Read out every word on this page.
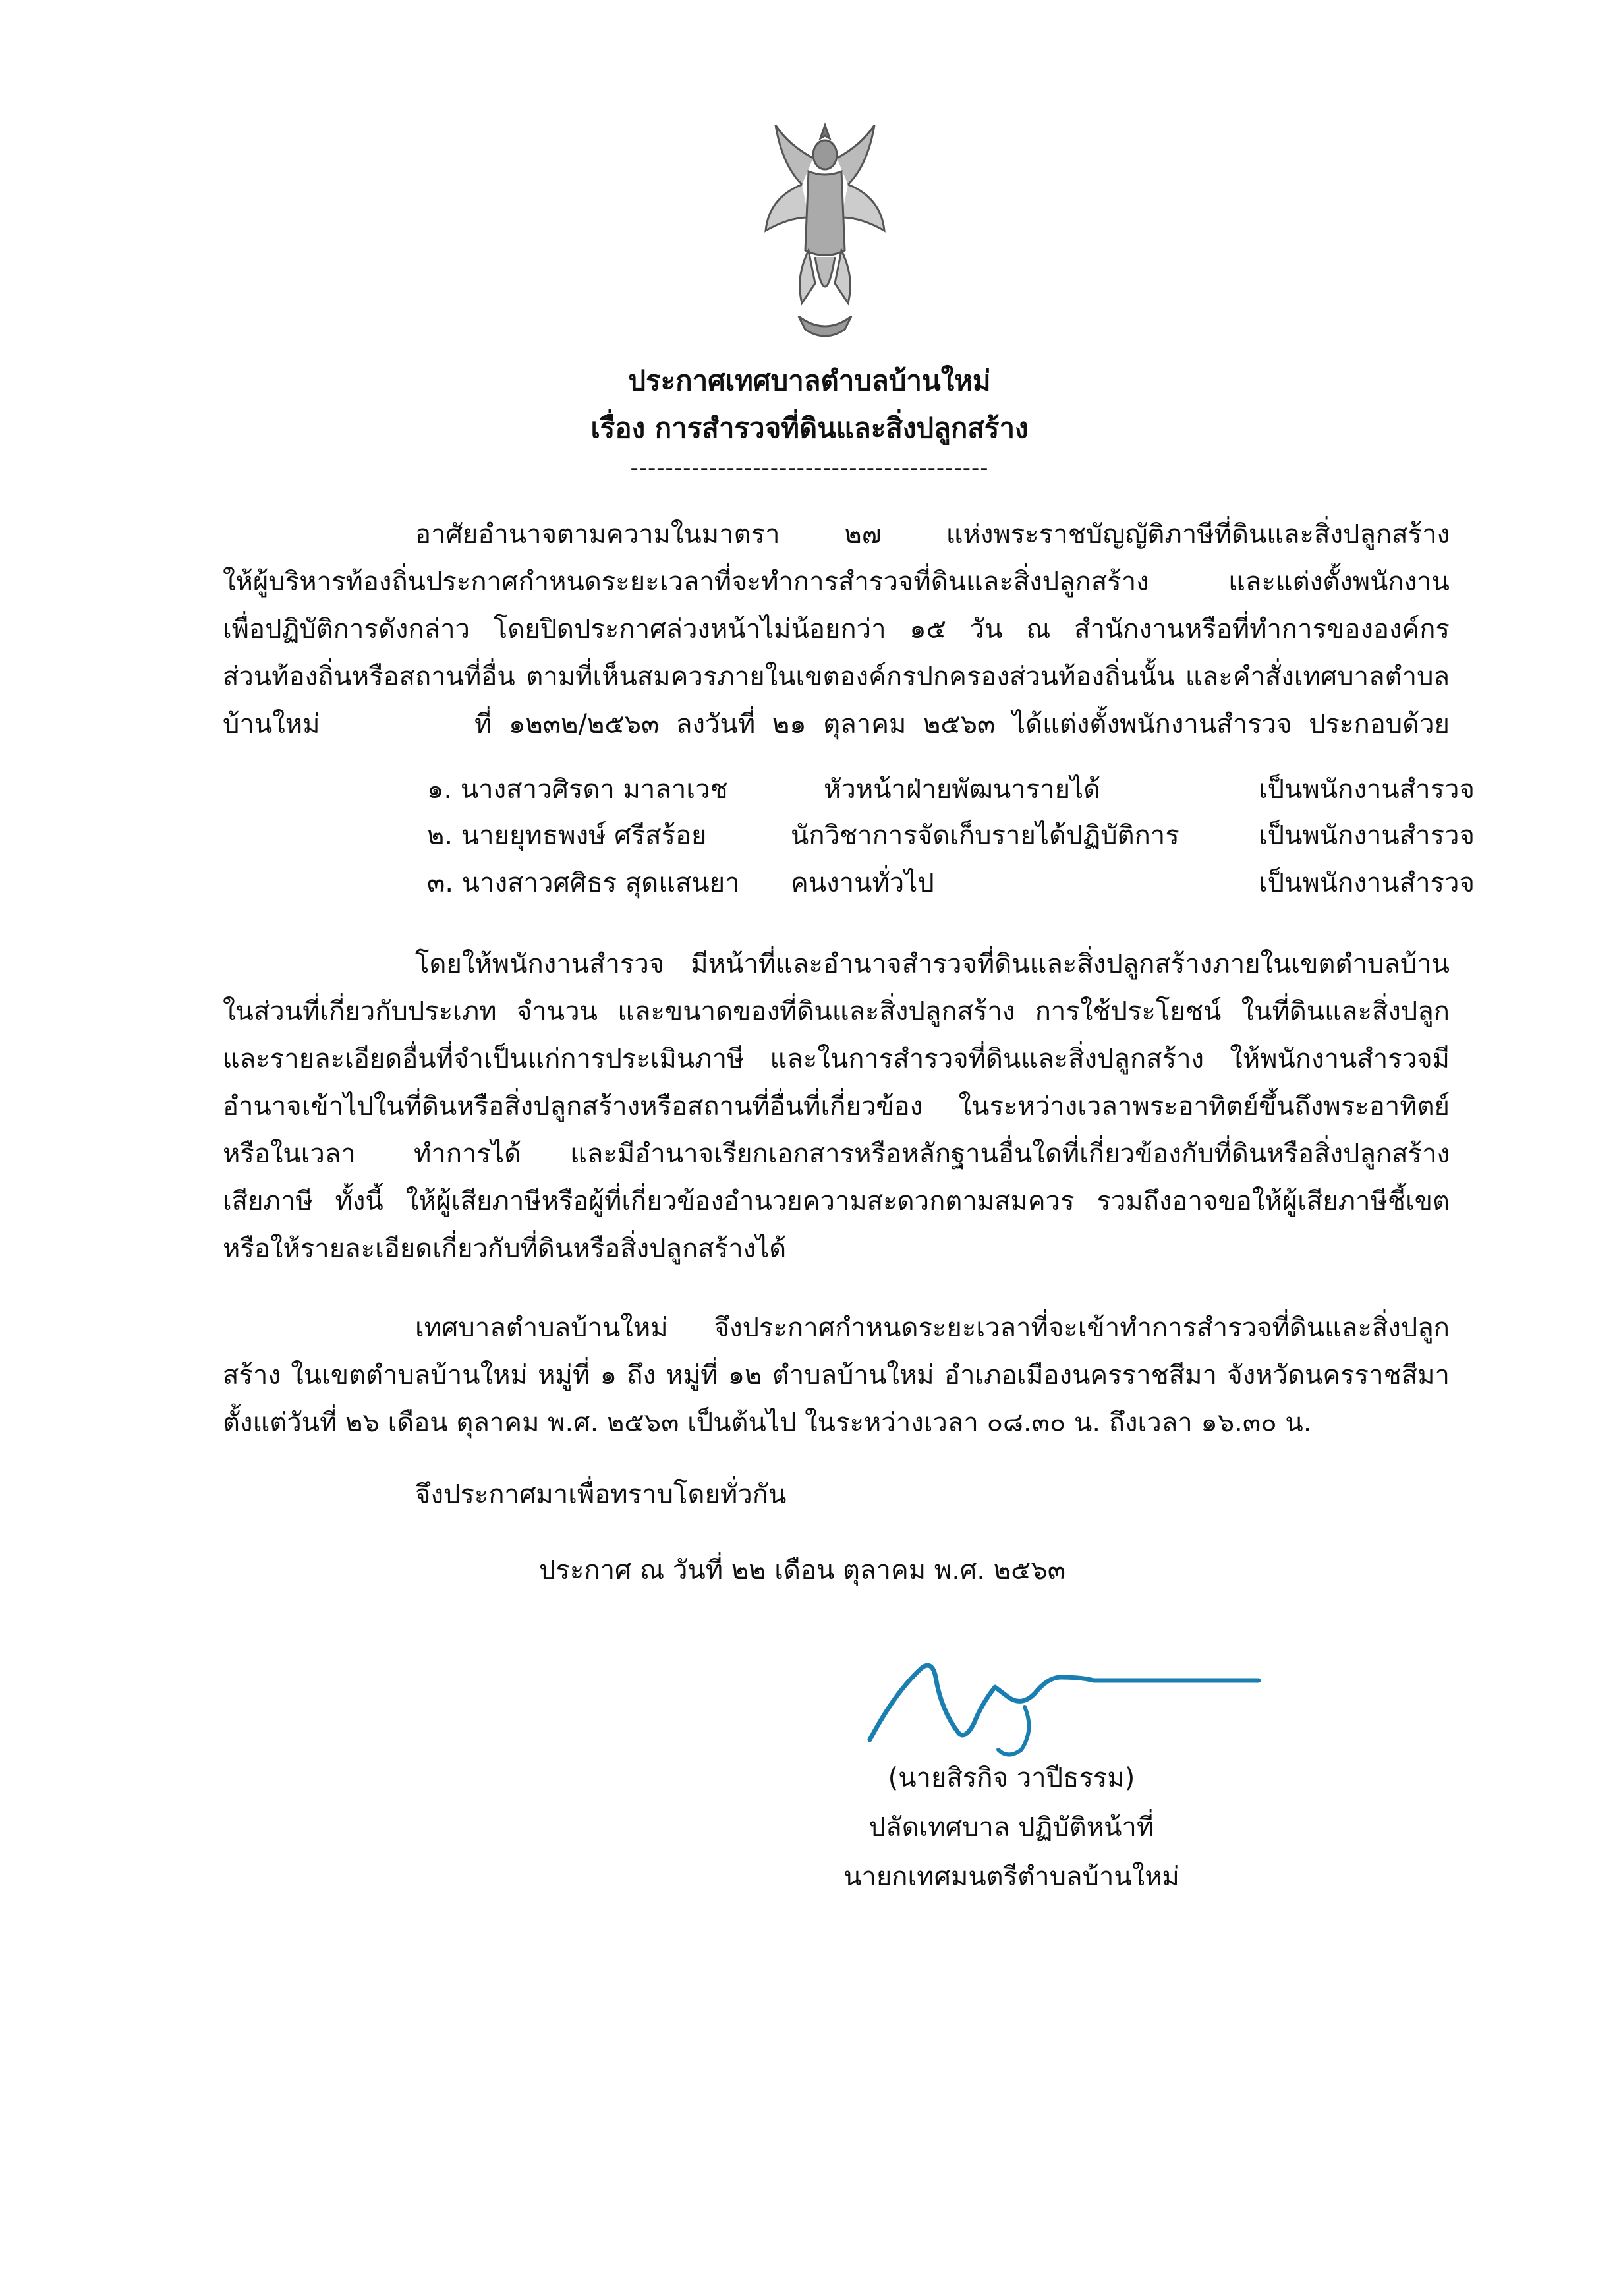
ประกาศเทศบาลตำบลบ้านใหม่
เรื่อง การสำรวจที่ดินและสิ่งปลูกสร้าง
-----------------------------------------
อาศัยอำนาจตามความในมาตรา ๒๗ แห่งพระราชบัญญัติภาษีที่ดินและสิ่งปลูกสร้าง
ให้ผู้บริหารท้องถิ่นประกาศกำหนดระยะเวลาที่จะทำการสำรวจที่ดินและสิ่งปลูกสร้าง และแต่งตั้งพนักงาน
เพื่อปฏิบัติการดังกล่าว โดยปิดประกาศล่วงหน้าไม่น้อยกว่า ๑๕ วัน ณ สำนักงานหรือที่ทำการขององค์กร
ส่วนท้องถิ่นหรือสถานที่อื่น ตามที่เห็นสมควรภายในเขตองค์กรปกครองส่วนท้องถิ่นนั้น และคำสั่งเทศบาลตำบล
บ้านใหม่	ที่ ๑๒๓๒/๒๕๖๓ ลงวันที่ ๒๑ ตุลาคม ๒๕๖๓ ได้แต่งตั้งพนักงานสำรวจ ประกอบด้วย
๑. นางสาวศิรดา มาลาเวช	หัวหน้าฝ่ายพัฒนารายได้	เป็นพนักงานสำรวจ
๒. นายยุทธพงษ์ ศรีสร้อย	นักวิชาการจัดเก็บรายได้ปฏิบัติการ	เป็นพนักงานสำรวจ
๓. นางสาวศศิธร สุดแสนยา คนงานทั่วไป	เป็นพนักงานสำรวจ
โดยให้พนักงานสำรวจ มีหน้าที่และอำนาจสำรวจที่ดินและสิ่งปลูกสร้างภายในเขตตำบลบ้าน
ในส่วนที่เกี่ยวกับประเภท จำนวน และขนาดของที่ดินและสิ่งปลูกสร้าง การใช้ประโยชน์ ในที่ดินและสิ่งปลูก
และรายละเอียดอื่นที่จำเป็นแก่การประเมินภาษี และในการสำรวจที่ดินและสิ่งปลูกสร้าง ให้พนักงานสำรวจมี
อำนาจเข้าไปในที่ดินหรือสิ่งปลูกสร้างหรือสถานที่อื่นที่เกี่ยวข้อง ในระหว่างเวลาพระอาทิตย์ขึ้นถึงพระอาทิตย์
หรือในเวลา ทำการได้ และมีอำนาจเรียกเอกสารหรือหลักฐานอื่นใดที่เกี่ยวข้องกับที่ดินหรือสิ่งปลูกสร้าง
เสียภาษี ทั้งนี้ ให้ผู้เสียภาษีหรือผู้ที่เกี่ยวข้องอำนวยความสะดวกตามสมควร รวมถึงอาจขอให้ผู้เสียภาษีชี้เขต
หรือให้รายละเอียดเกี่ยวกับที่ดินหรือสิ่งปลูกสร้างได้
เทศบาลตำบลบ้านใหม่ จึงประกาศกำหนดระยะเวลาที่จะเข้าทำการสำรวจที่ดินและสิ่งปลูก
สร้าง ในเขตตำบลบ้านใหม่ หมู่ที่ ๑ ถึง หมู่ที่ ๑๒ ตำบลบ้านใหม่ อำเภอเมืองนครราชสีมา จังหวัดนครราชสีมา
ตั้งแต่วันที่ ๒๖ เดือน ตุลาคม พ.ศ. ๒๕๖๓ เป็นต้นไป ในระหว่างเวลา ๐๘.๓๐ น. ถึงเวลา ๑๖.๓๐ น.
จึงประกาศมาเพื่อทราบโดยทั่วกัน
ประกาศ ณ วันที่ ๒๒ เดือน ตุลาคม พ.ศ. ๒๕๖๓
(นายสิรกิจ วาปีธรรม)
ปลัดเทศบาล ปฏิบัติหน้าที่
นายกเทศมนตรีตำบลบ้านใหม่
